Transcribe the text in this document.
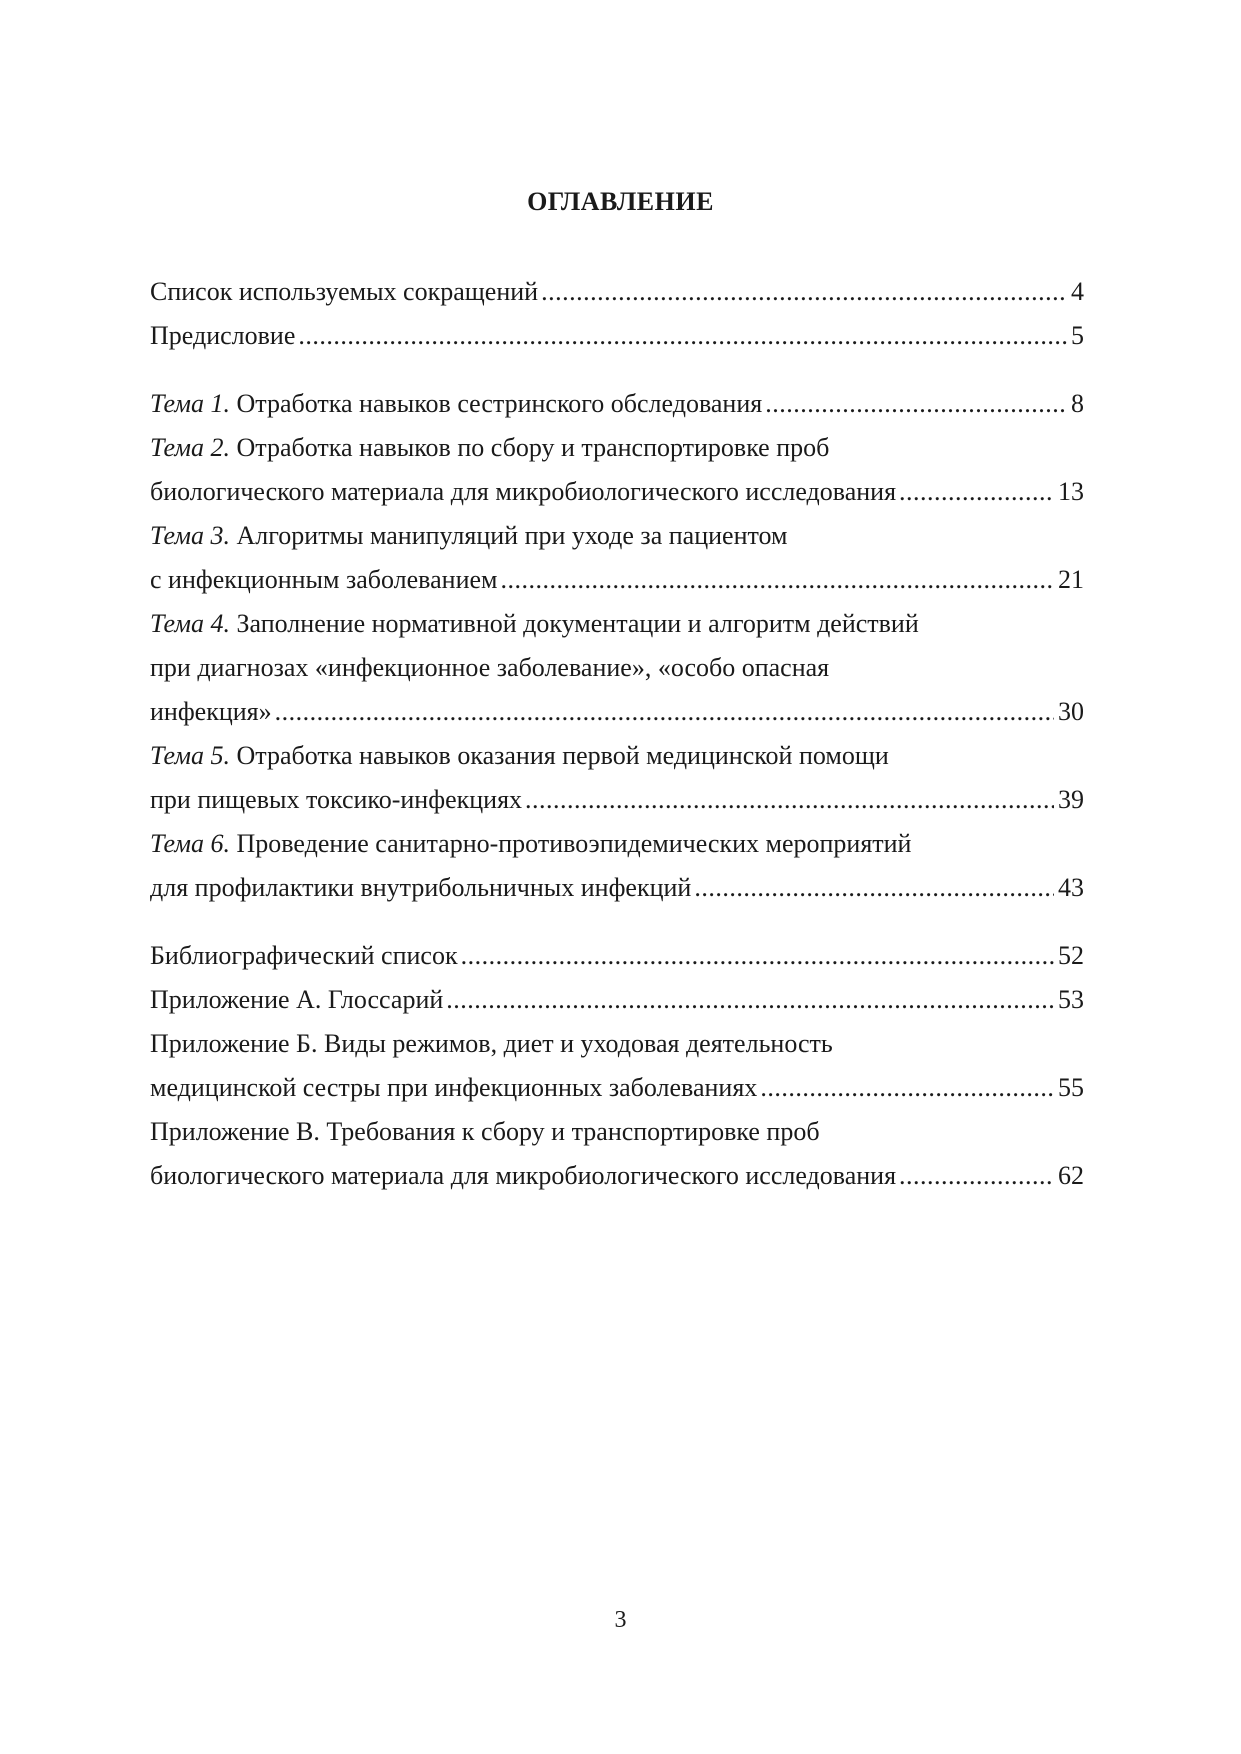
ОГЛАВЛЕНИЕ
Список используемых сокращений .....	4
Предисловие .....	5
Тема 1. Отработка навыков сестринского обследования .....	8
Тема 2. Отработка навыков по сбору и транспортировке проб
биологического материала для микробиологического исследования .....	13
Тема 3. Алгоритмы манипуляций при уходе за пациентом
с инфекционным заболеванием .....	21
Тема 4. Заполнение нормативной документации и алгоритм действий
при диагнозах «инфекционное заболевание», «особо опасная
инфекция» .....	30
Тема 5. Отработка навыков оказания первой медицинской помощи
при пищевых токсико-инфекциях .....	39
Тема 6. Проведение санитарно-противоэпидемических мероприятий
для профилактики внутрибольничных инфекций .....	43
Библиографический список .....	52
Приложение А. Глоссарий .....	53
Приложение Б. Виды режимов, диет и уходовая деятельность
медицинской сестры при инфекционных заболеваниях .....	55
Приложение В. Требования к сбору и транспортировке проб
биологического материала для микробиологического исследования .....	62
3
